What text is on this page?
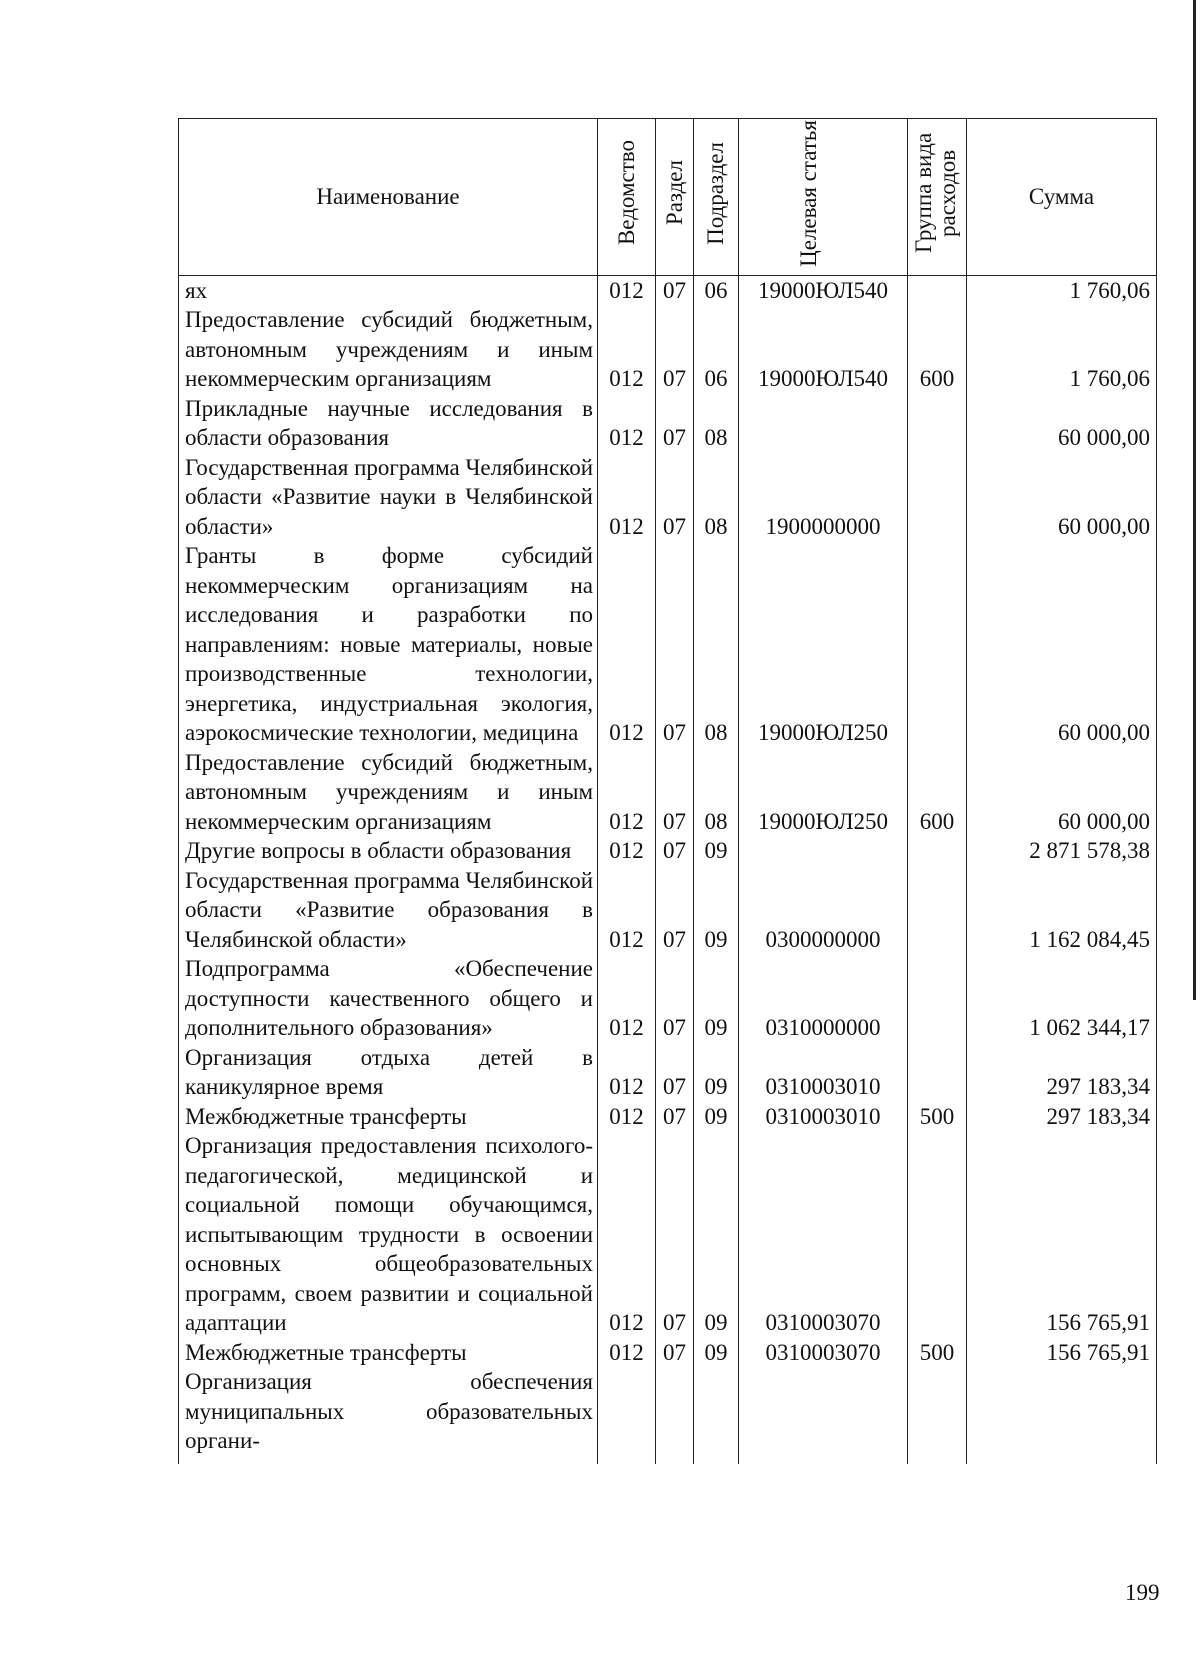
Наименование	Ведомство	Раздел	Подраздел	Целевая статья	Группа вида расходов	Сумма
ях	012	07	06	19000ЮЛ540		1 760,06
Предоставление субсидий бюджетным, автономным учреждениям и иным некоммерческим организациям	012	07	06	19000ЮЛ540	600	1 760,06
Прикладные научные исследования в области образования	012	07	08			60 000,00
Государственная программа Челябинской области «Развитие науки в Челябинской области»	012	07	08	1900000000		60 000,00
Гранты в форме субсидий некоммерческим организациям на исследования и разработки по направлениям: новые материалы, новые производственные технологии, энергетика, индустриальная экология, аэрокосмические технологии, медицина	012	07	08	19000ЮЛ250		60 000,00
Предоставление субсидий бюджетным, автономным учреждениям и иным некоммерческим организациям	012	07	08	19000ЮЛ250	600	60 000,00
Другие вопросы в области образования	012	07	09			2 871 578,38
Государственная программа Челябинской области «Развитие образования в Челябинской области»	012	07	09	0300000000		1 162 084,45
Подпрограмма «Обеспечение доступности качественного общего и дополнительного образования»	012	07	09	0310000000		1 062 344,17
Организация отдыха детей в каникулярное время	012	07	09	0310003010		297 183,34
Межбюджетные трансферты	012	07	09	0310003010	500	297 183,34
Организация предоставления психолого-педагогической, медицинской и социальной помощи обучающимся, испытывающим трудности в освоении основных общеобразовательных программ, своем развитии и социальной адаптации	012	07	09	0310003070		156 765,91
Межбюджетные трансферты	012	07	09	0310003070	500	156 765,91
Организация обеспечения муниципальных образовательных органи-						

199
